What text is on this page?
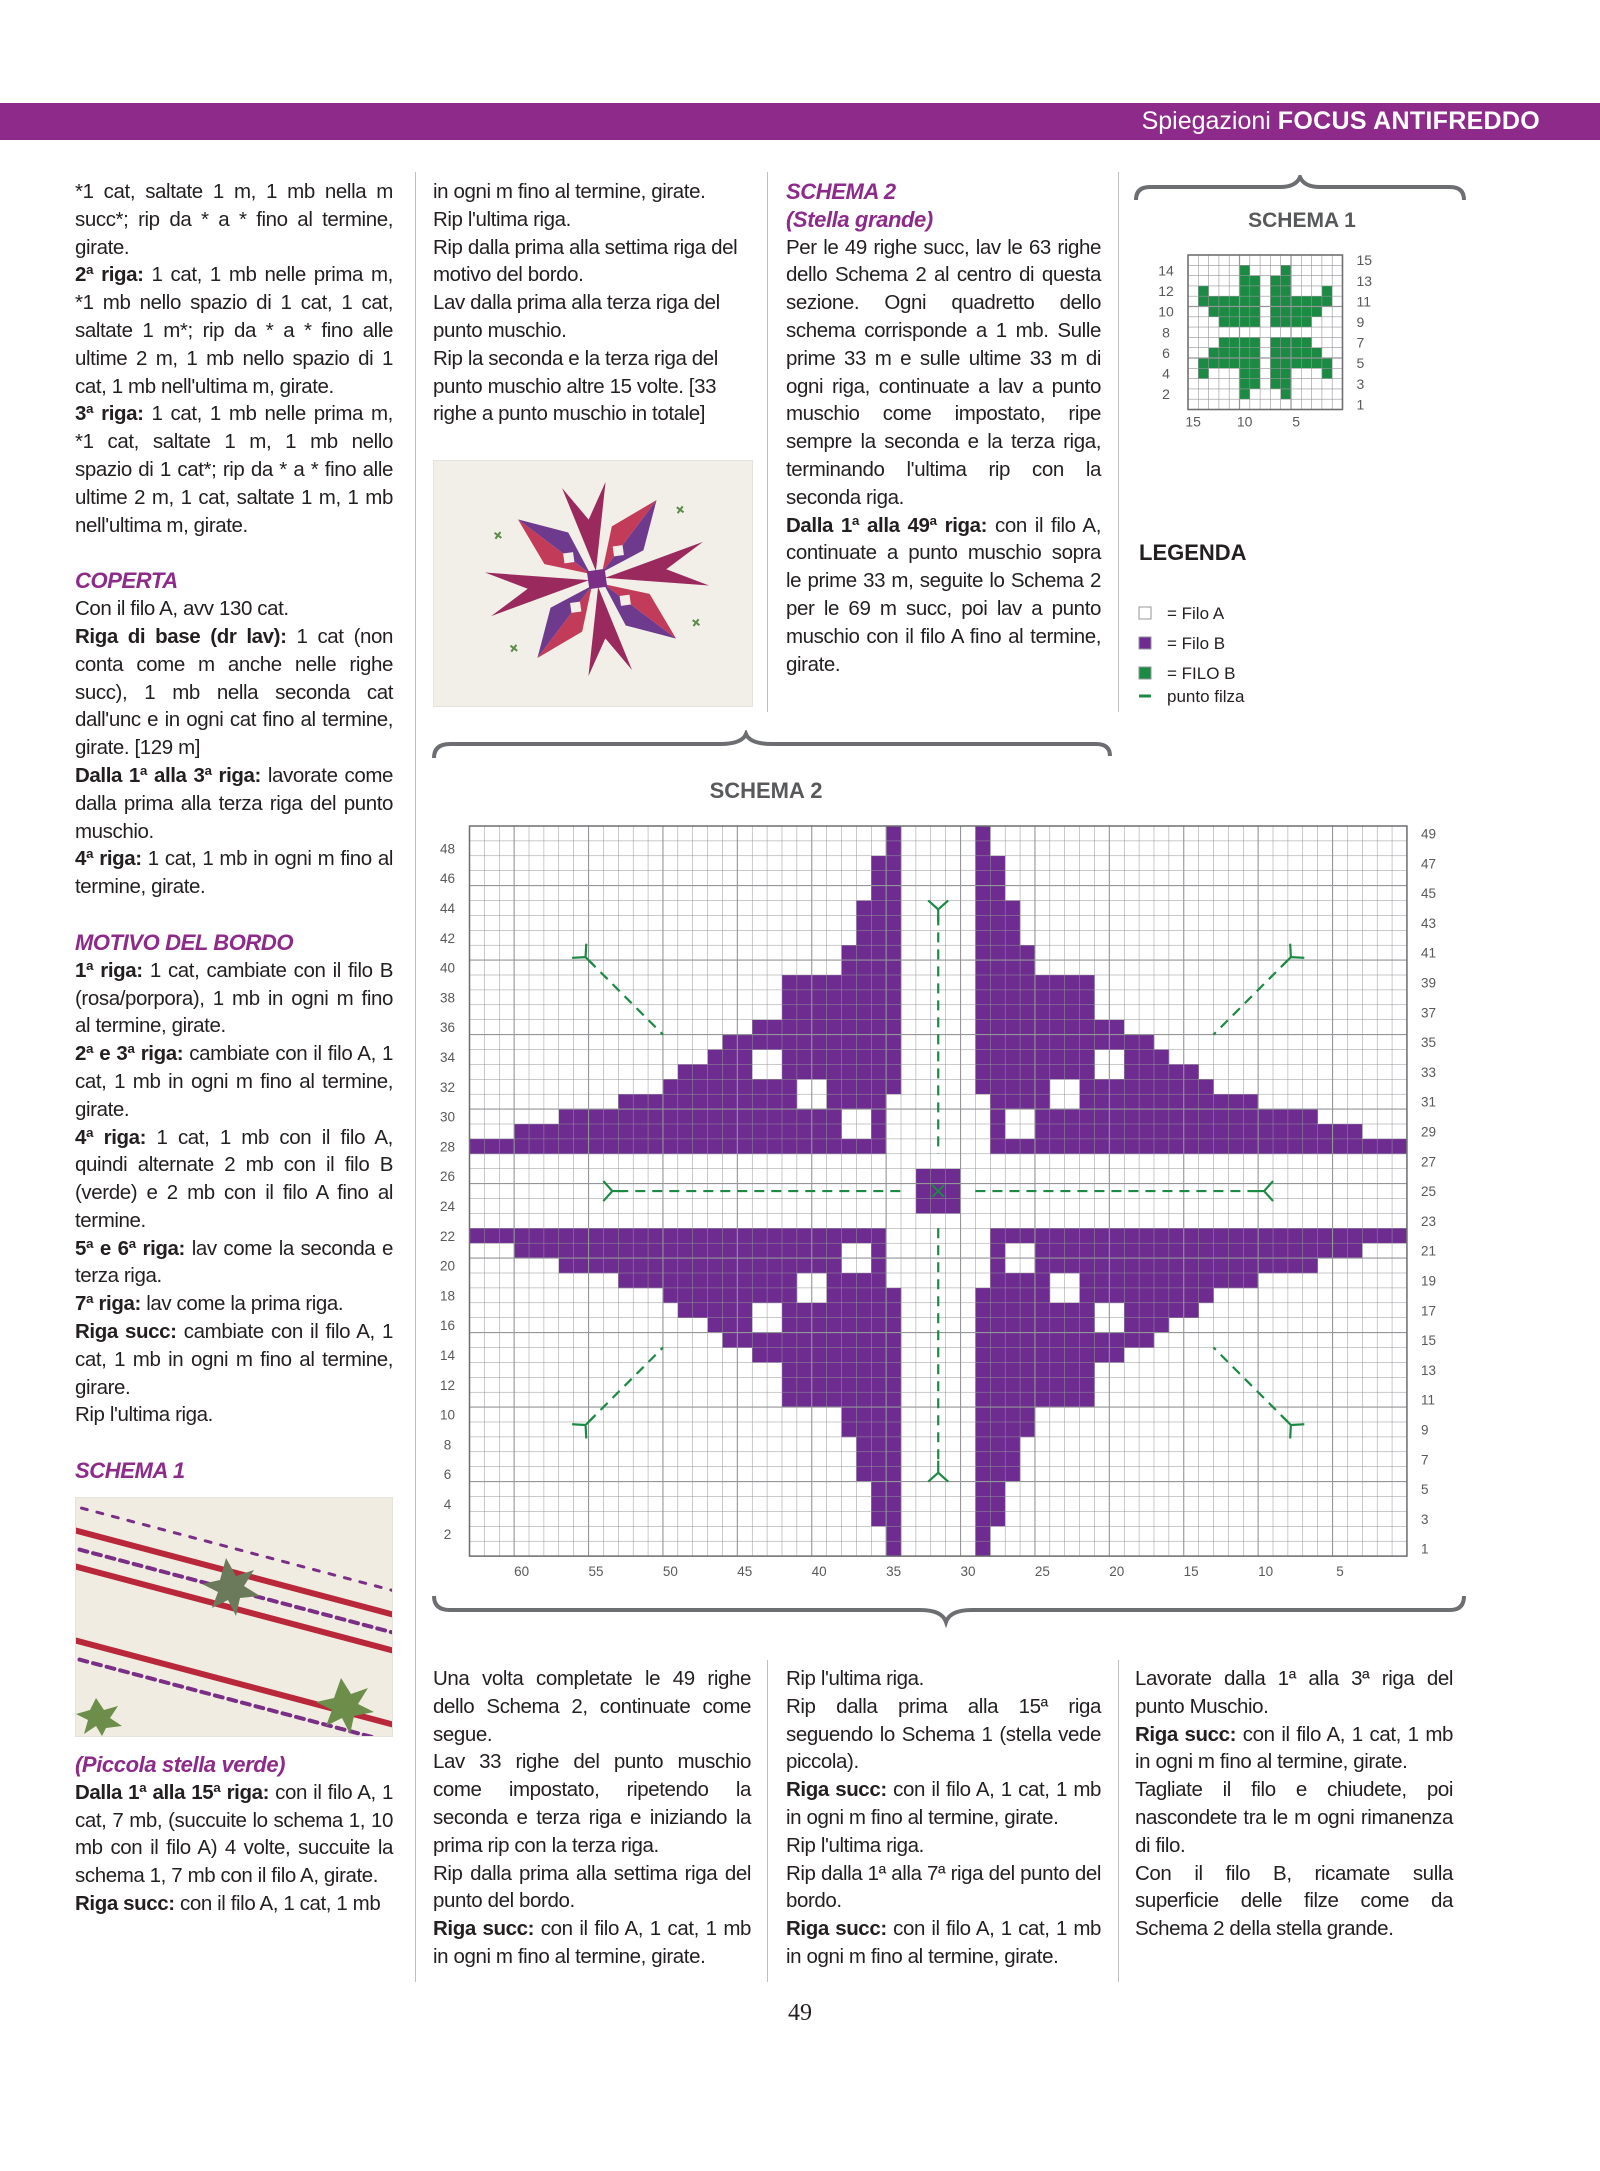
Spiegazioni FOCUS ANTIFREDDO

*1 cat, saltate 1 m, 1 mb nella m succ*; rip da * a * fino al termine, girate.

2ª riga: 1 cat, 1 mb nelle prima m, *1 mb nello spazio di 1 cat, 1 cat, saltate 1 m*; rip da * a * fino alle ultime 2 m, 1 mb nello spazio di 1 cat, 1 mb nell'ultima m, girate.

3ª riga: 1 cat, 1 mb nelle prima m, *1 cat, saltate 1 m, 1 mb nello spazio di 1 cat*; rip da * a * fino alle ultime 2 m, 1 cat, saltate 1 m, 1 mb nell'ultima m, girate.

COPERTA

Con il filo A, avv 130 cat.

Riga di base (dr lav): 1 cat (non conta come m anche nelle righe succ), 1 mb nella seconda cat dall'unc e in ogni cat fino al termine, girate. [129 m]

Dalla 1ª alla 3ª riga: lavorate come dalla prima alla terza riga del punto muschio.

4ª riga: 1 cat, 1 mb in ogni m fino al termine, girate.

MOTIVO DEL BORDO

1ª riga: 1 cat, cambiate con il filo B (rosa/porpora), 1 mb in ogni m fino al termine, girate.

2ª e 3ª riga: cambiate con il filo A, 1 cat, 1 mb in ogni m fino al termine, girate.

4ª riga: 1 cat, 1 mb con il filo A, quindi alternate 2 mb con il filo B (verde) e 2 mb con il filo A fino al termine.

5ª e 6ª riga: lav come la seconda e terza riga.

7ª riga: lav come la prima riga.

Riga succ: cambiate con il filo A, 1 cat, 1 mb in ogni m fino al termine, girare.

Rip l'ultima riga.

SCHEMA 1

(Piccola stella verde)

Dalla 1ª alla 15ª riga: con il filo A, 1 cat, 7 mb, (succuite lo schema 1, 10 mb con il filo A) 4 volte, succuite la schema 1, 7 mb con il filo A, girate.

Riga succ: con il filo A, 1 cat, 1 mb

in ogni m fino al termine, girate.

Rip l'ultima riga.

Rip dalla prima alla settima riga del motivo del bordo.

Lav dalla prima alla terza riga del punto muschio.

Rip la seconda e la terza riga del punto muschio altre 15 volte. [33 righe a punto muschio in totale]

SCHEMA 2

(Stella grande)

Per le 49 righe succ, lav le 63 righe dello Schema 2 al centro di questa sezione. Ogni quadretto dello schema corrisponde a 1 mb. Sulle prime 33 m e sulle ultime 33 m di ogni riga, continuate a lav a punto muschio come impostato, ripe sempre la seconda e la terza riga, terminando l'ultima rip con la seconda riga.

Dalla 1ª alla 49ª riga: con il filo A, continuate a punto muschio sopra le prime 33 m, seguite lo Schema 2 per le 69 m succ, poi lav a punto muschio con il filo A fino al termine, girate.

SCHEMA 1
14
12
10
8
6
4
2
15
13
11
9
7
5
3
1
15	10	5
LEGENDA
= Filo A
= Filo B
= FILO B
punto filza
SCHEMA 2
48
46
44
42
40
38
36
34
32
30
28
26
24
22
20
18
16
14
12
10
8
6
4
2
49
47
45
43
41
39
37
35
33
31
29
27
25
23
21
19
17
15
13
11
9
7
5
3
1
60	55	50	45	40	35	30	25	20	15	10	5

Una volta completate le 49 righe dello Schema 2, continuate come segue.

Lav 33 righe del punto muschio come impostato, ripetendo la seconda e terza riga e iniziando la prima rip con la terza riga.

Rip dalla prima alla settima riga del punto del bordo.

Riga succ: con il filo A, 1 cat, 1 mb in ogni m fino al termine, girate.

Rip l'ultima riga.

Rip dalla prima alla 15ª riga seguendo lo Schema 1 (stella vede piccola).

Riga succ: con il filo A, 1 cat, 1 mb in ogni m fino al termine, girate.

Rip l'ultima riga.

Rip dalla 1ª alla 7ª riga del punto del bordo.

Riga succ: con il filo A, 1 cat, 1 mb in ogni m fino al termine, girate.

Lavorate dalla 1ª alla 3ª riga del punto Muschio.

Riga succ: con il filo A, 1 cat, 1 mb in ogni m fino al termine, girate.

Tagliate il filo e chiudete, poi nascondete tra le m ogni rimanenza di filo.

Con il filo B, ricamate sulla superficie delle filze come da Schema 2 della stella grande.

49
